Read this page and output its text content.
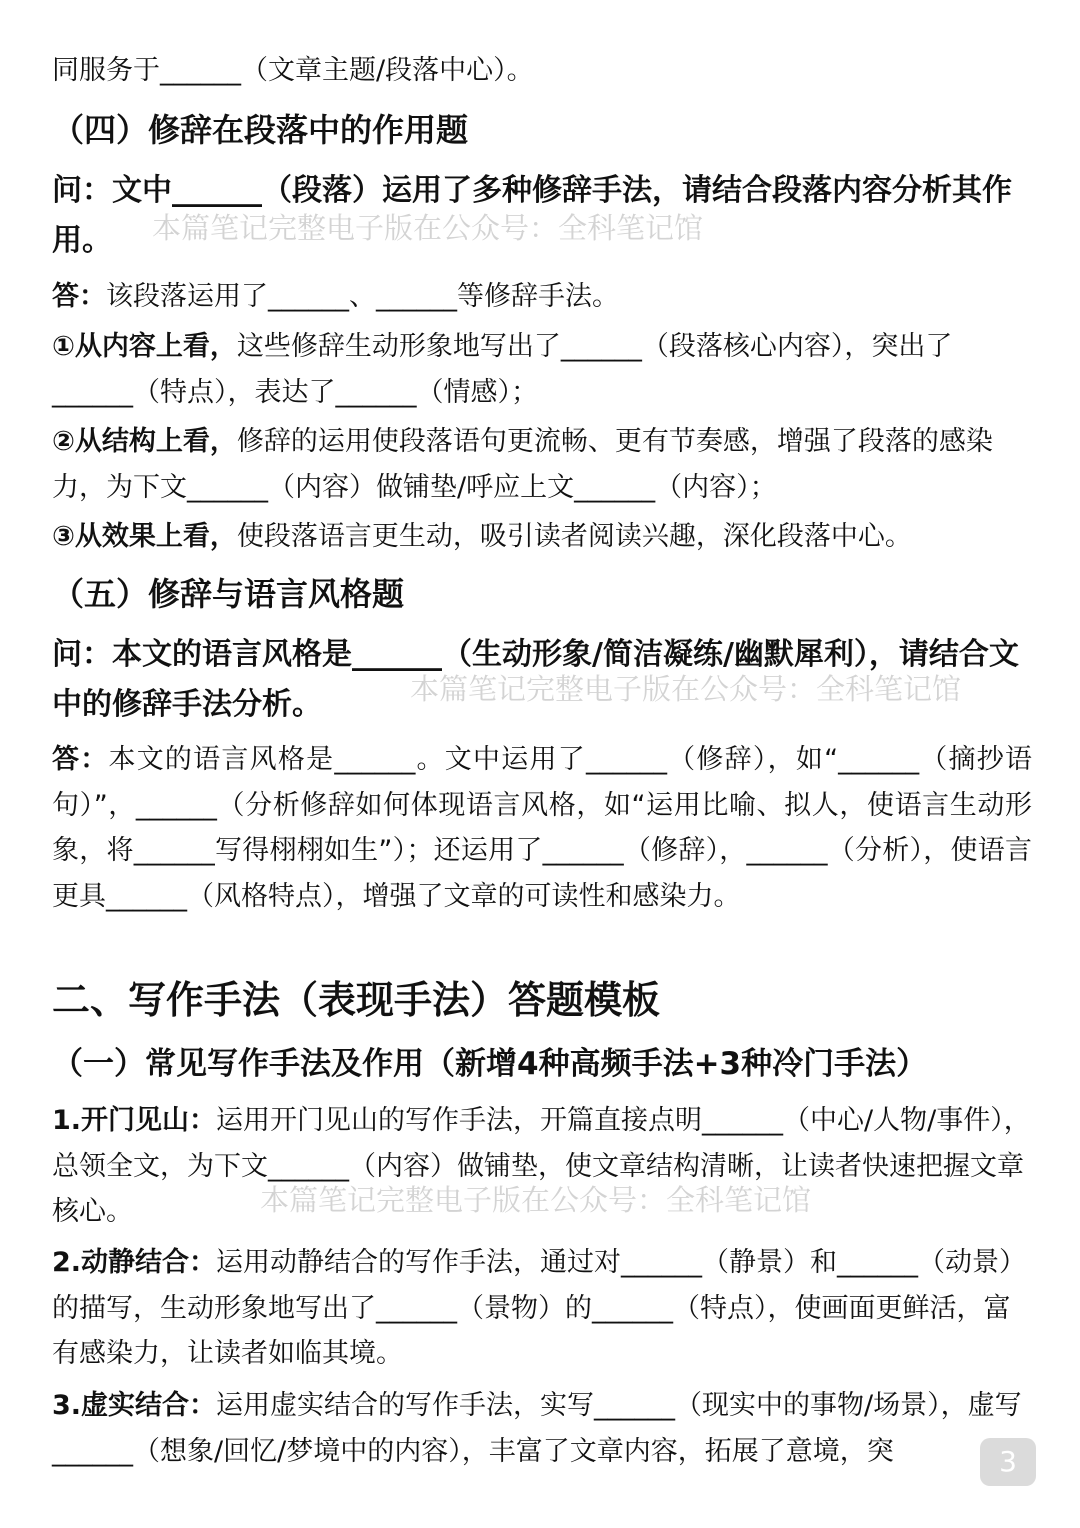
同服务于______（文章主题/段落中心）。

（四）修辞在段落中的作用题

问：文中______（段落）运用了多种修辞手法，请结合段落内容分析其作用。

答：该段落运用了______、______等修辞手法。

①从内容上看，这些修辞生动形象地写出了______（段落核心内容），突出了______（特点），表达了______（情感）；

②从结构上看，修辞的运用使段落语句更流畅、更有节奏感，增强了段落的感染力，为下文______（内容）做铺垫/呼应上文______（内容）；

③从效果上看，使段落语言更生动，吸引读者阅读兴趣，深化段落中心。

（五）修辞与语言风格题

问：本文的语言风格是______（生动形象/简洁凝练/幽默犀利），请结合文中的修辞手法分析。

答：本文的语言风格是______。文中运用了______（修辞），如“______（摘抄语句）”，______（分析修辞如何体现语言风格，如“运用比喻、拟人，使语言生动形象，将______写得栩栩如生”）；还运用了______（修辞），______（分析），使语言更具______（风格特点），增强了文章的可读性和感染力。

二、写作手法（表现手法）答题模板
（一）常见写作手法及作用（新增4种高频手法+3种冷门手法）

1.开门见山：运用开门见山的写作手法，开篇直接点明______（中心/人物/事件），总领全文，为下文______（内容）做铺垫，使文章结构清晰，让读者快速把握文章核心。

2.动静结合：运用动静结合的写作手法，通过对______（静景）和______（动景）的描写，生动形象地写出了______（景物）的______（特点），使画面更鲜活，富有感染力，让读者如临其境。

3.虚实结合：运用虚实结合的写作手法，实写______（现实中的事物/场景），虚写______（想象/回忆/梦境中的内容），丰富了文章内容，拓展了意境，突

本篇笔记完整电子版在公众号：全科笔记馆
本篇笔记完整电子版在公众号：全科笔记馆
本篇笔记完整电子版在公众号：全科笔记馆
3
